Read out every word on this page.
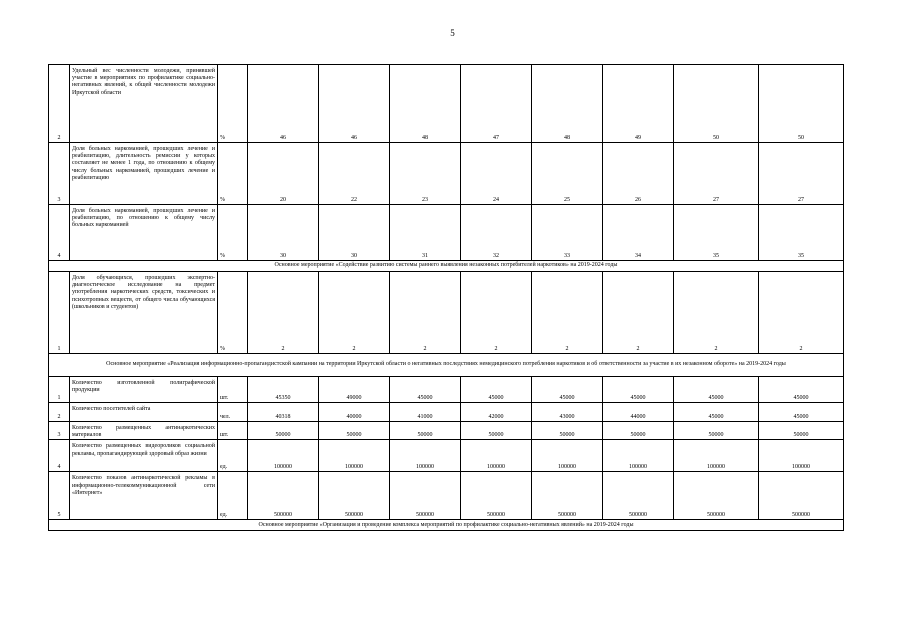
5
2	Удельный вес численности молодежи, принявшей участие в мероприятиях по профилактике социально-негативных явлений, к общей численности молодежи Иркутской области	%	46	46	48	47	48	49	50	50
3	Доля больных наркоманией, прошедших лечение и реабилитацию, длительность ремиссии у которых составляет не менее 1 года, по отношению к общему числу больных наркоманией, прошедших лечение и реабилитацию	%	20	22	23	24	25	26	27	27
4	Доля больных наркоманией, прошедших лечение и реабилитацию, по отношению к общему числу больных наркоманией	%	30	30	31	32	33	34	35	35
Основное мероприятие «Содействие развитию системы раннего выявления незаконных потребителей наркотиков» на 2019-2024 годы										
1	Доля обучающихся, прошедших экспертно-диагностическое исследование на предмет употребления наркотических средств, токсических и психотропных веществ, от общего числа обучающихся (школьников и студентов)	%	2	2	2	2	2	2	2	2
Основное мероприятие «Реализация информационно-пропагандистской кампании на территории Иркутской области о негативных последствиях немедицинского потребления наркотиков и об ответственности за участие в их незаконном обороте» на 2019-2024 годы										
1	Количество изготовленной полиграфической продукции	шт.	45350	49000	45000	45000	45000	45000	45000	45000
2	Количество посетителей сайта	чел.	40318	40000	41000	42000	43000	44000	45000	45000
3	Количество размещенных антинаркотических материалов	шт.	50000	50000	50000	50000	50000	50000	50000	50000
4	Количество размещенных видеороликов социальной рекламы, пропагандирующей здоровый образ жизни	ед.	100000	100000	100000	100000	100000	100000	100000	100000
5	Количество показов антинаркотической рекламы в информационно-телекоммуникационной сети «Интернет»	ед.	500000	500000	500000	500000	500000	500000	500000	500000
Основное мероприятие «Организация и проведение комплекса мероприятий по профилактике социально-негативных явлений» на 2019-2024 годы										
